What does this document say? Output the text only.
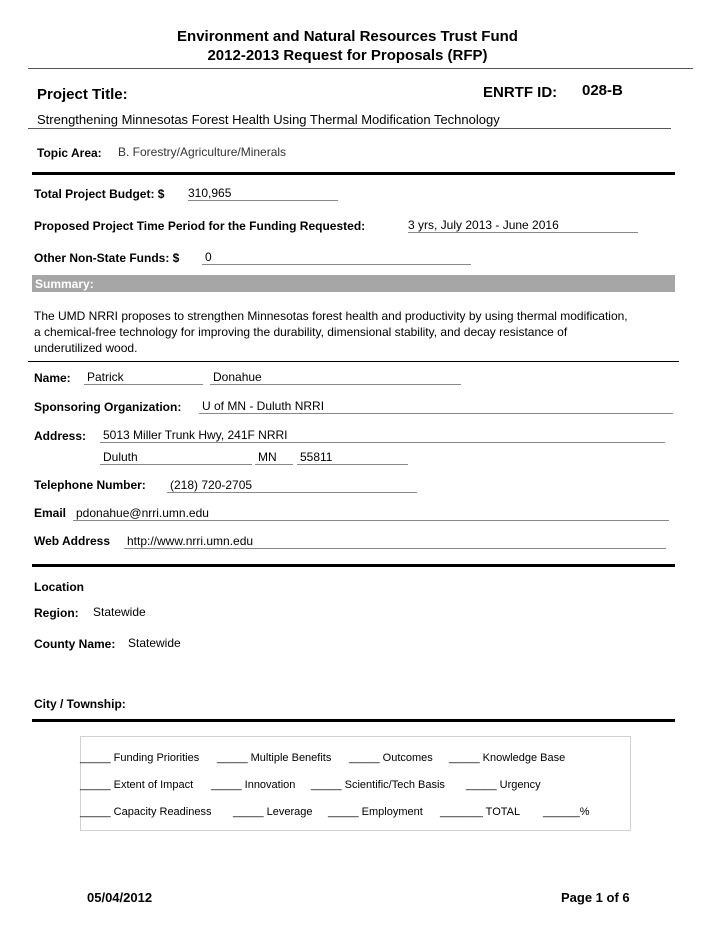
Environment and Natural Resources Trust Fund
2012-2013 Request for Proposals (RFP)
Project Title:	ENRTF ID: 028-B
Strengthening Minnesotas Forest Health Using Thermal Modification Technology
Topic Area: B. Forestry/Agriculture/Minerals
Total Project Budget: $ 310,965
Proposed Project Time Period for the Funding Requested:	3 yrs, July 2013 - June 2016
Other Non-State Funds: $ 0
Summary:
The UMD NRRI proposes to strengthen Minnesotas forest health and productivity by using thermal modification, a chemical-free technology for improving the durability, dimensional stability, and decay resistance of underutilized wood.
Name: Patrick	Donahue
Sponsoring Organization: U of MN - Duluth NRRI
Address: 5013 Miller Trunk Hwy, 241F NRRI
Duluth	MN	55811
Telephone Number: (218) 720-2705
Email pdonahue@nrri.umn.edu
Web Address http://www.nrri.umn.edu
Location
Region: Statewide
County Name: Statewide
City / Township:
_____ Funding Priorities _____ Multiple Benefits _____ Outcomes _____ Knowledge Base
_____ Extent of Impact _____ Innovation _____ Scientific/Tech Basis _____ Urgency
_____ Capacity Readiness _____ Leverage _____ Employment _______ TOTAL ______%
05/04/2012	Page 1 of 6
